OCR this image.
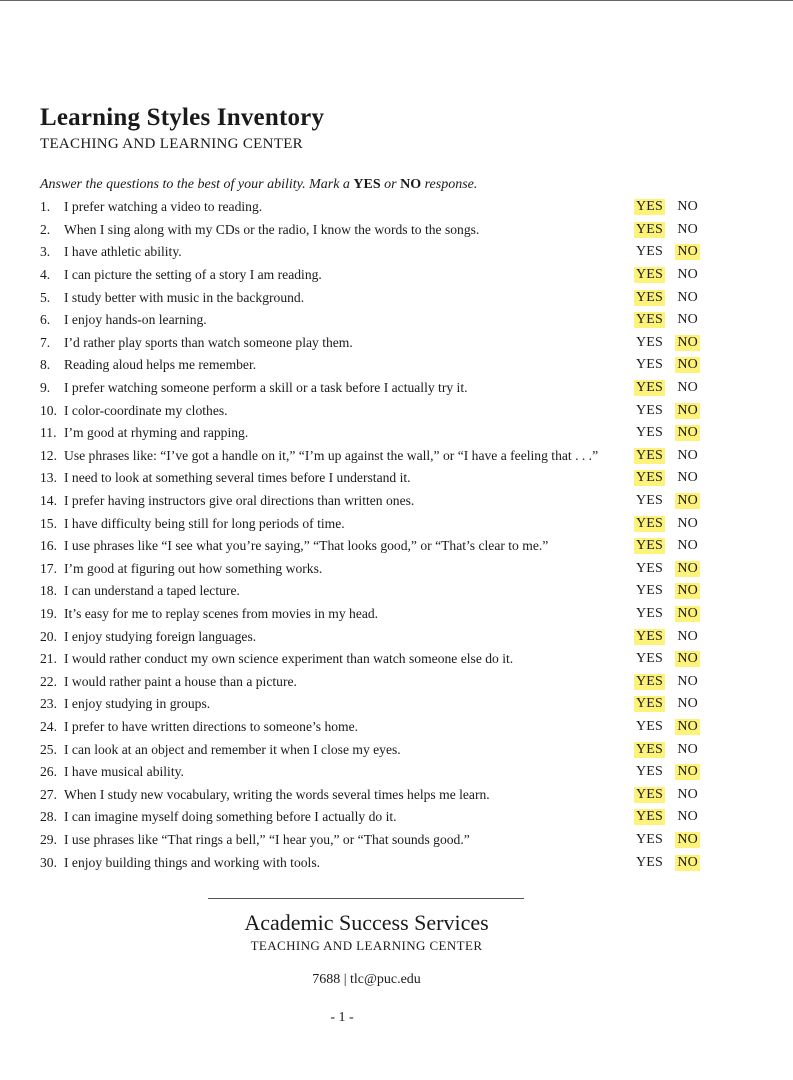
Learning Styles Inventory
TEACHING AND LEARNING CENTER
Answer the questions to the best of your ability. Mark a YES or NO response.
1.	I prefer watching a video to reading.	YES NO
2.	When I sing along with my CDs or the radio, I know the words to the songs.	YES NO
3.	I have athletic ability.	YES NO
4.	I can picture the setting of a story I am reading.	YES NO
5.	I study better with music in the background.	YES NO
6.	I enjoy hands-on learning.	YES NO
7.	I’d rather play sports than watch someone play them.	YES NO
8.	Reading aloud helps me remember.	YES NO
9.	I prefer watching someone perform a skill or a task before I actually try it.	YES NO
10. I color-coordinate my clothes.	YES NO
11. I’m good at rhyming and rapping.	YES NO
12. Use phrases like: “I’ve got a handle on it,” “I’m up against the wall,” or “I have a feeling that . . .”	YES NO
13. I need to look at something several times before I understand it.	YES NO
14. I prefer having instructors give oral directions than written ones.	YES NO
15. I have difficulty being still for long periods of time.	YES NO
16. I use phrases like “I see what you’re saying,” “That looks good,” or “That’s clear to me.”	YES NO
17. I’m good at figuring out how something works.	YES NO
18. I can understand a taped lecture.	YES NO
19. It’s easy for me to replay scenes from movies in my head.	YES NO
20. I enjoy studying foreign languages.	YES NO
21. I would rather conduct my own science experiment than watch someone else do it.	YES NO
22. I would rather paint a house than a picture.	YES NO
23. I enjoy studying in groups.	YES NO
24. I prefer to have written directions to someone’s home.	YES NO
25. I can look at an object and remember it when I close my eyes.	YES NO
26. I have musical ability.	YES NO
27. When I study new vocabulary, writing the words several times helps me learn.	YES NO
28. I can imagine myself doing something before I actually do it.	YES NO
29. I use phrases like “That rings a bell,” “I hear you,” or “That sounds good.”	YES NO
30. I enjoy building things and working with tools.	YES NO
Academic Success Services
TEACHING AND LEARNING CENTER
7688 | tlc@puc.edu
- 1 -
